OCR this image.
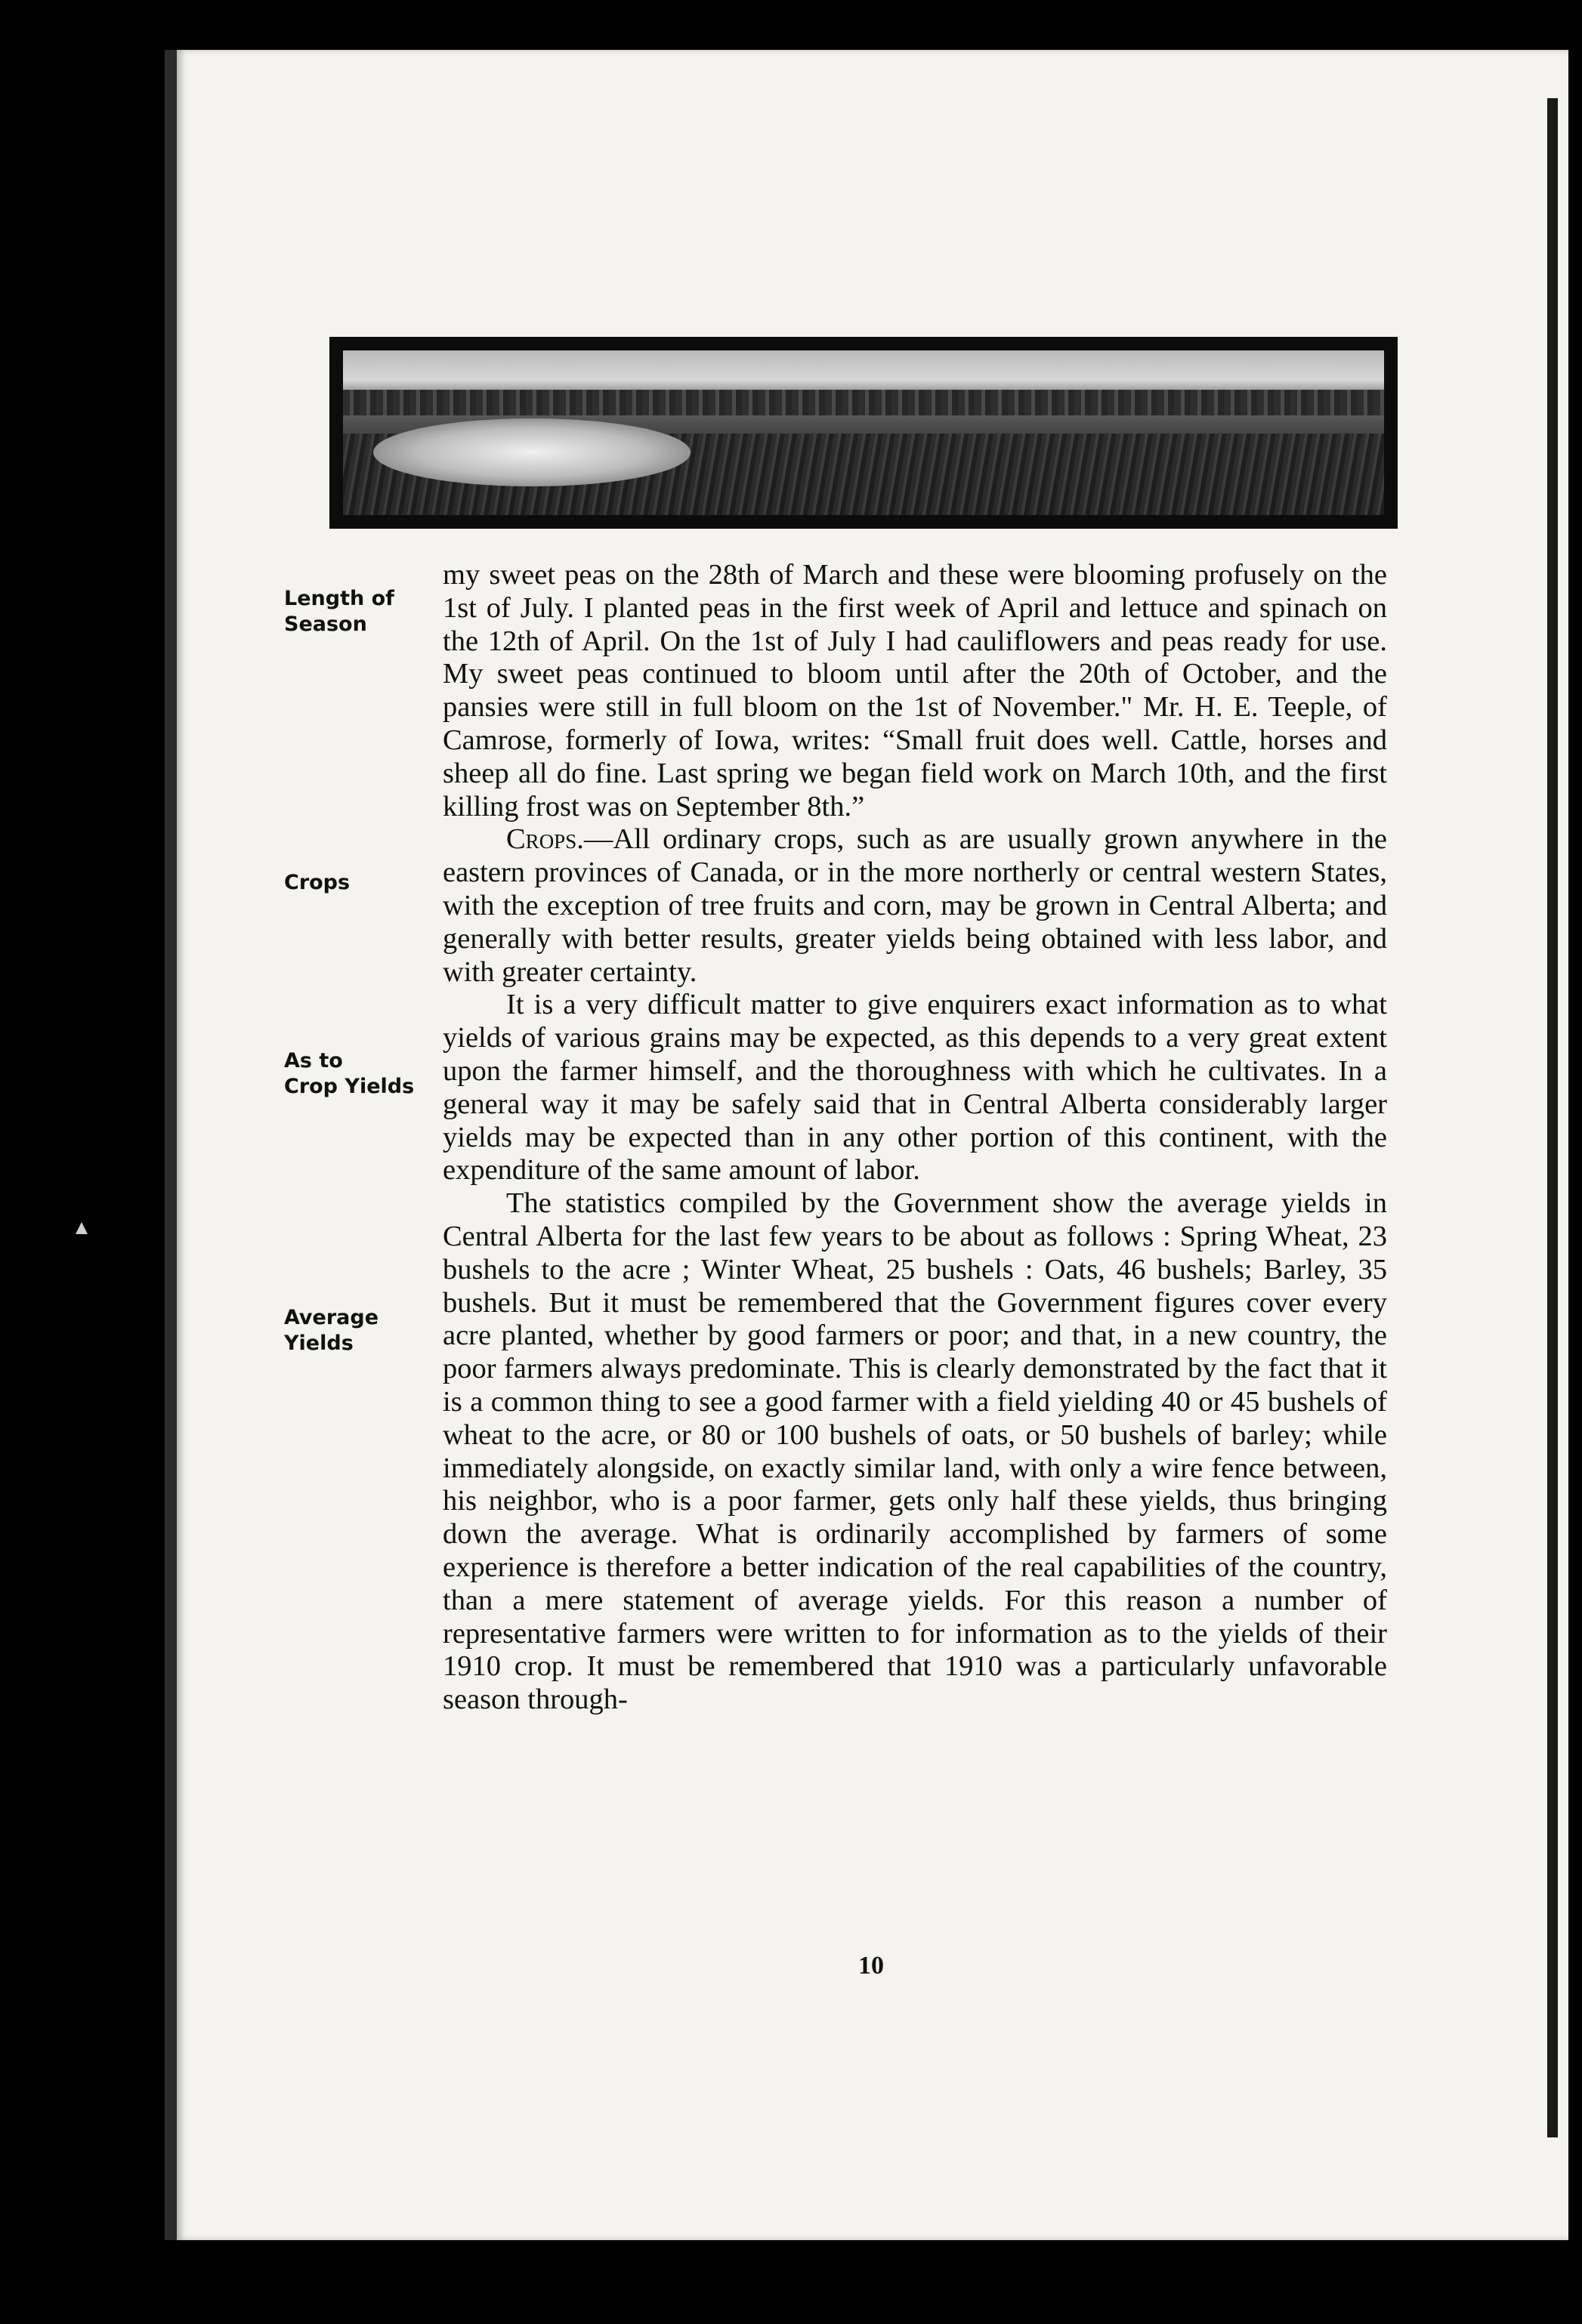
Length of
Season
Crops
As to
Crop Yields
Average
Yields

my sweet peas on the 28th of March and these were blooming profusely on the 1st of July. I planted peas in the first week of April and lettuce and spinach on the 12th of April. On the 1st of July I had cauliflowers and peas ready for use. My sweet peas continued to bloom until after the 20th of October, and the pansies were still in full bloom on the 1st of November." Mr. H. E. Teeple, of Camrose, formerly of Iowa, writes: “Small fruit does well. Cattle, horses and sheep all do fine. Last spring we began field work on March 10th, and the first killing frost was on September 8th.”

Crops.—All ordinary crops, such as are usually grown anywhere in the eastern provinces of Canada, or in the more northerly or central western States, with the exception of tree fruits and corn, may be grown in Central Alberta; and generally with better results, greater yields being obtained with less labor, and with greater certainty.

It is a very difficult matter to give enquirers exact information as to what yields of various grains may be expected, as this depends to a very great extent upon the farmer himself, and the thoroughness with which he cultivates. In a general way it may be safely said that in Central Alberta considerably larger yields may be expected than in any other portion of this continent, with the expenditure of the same amount of labor.

The statistics compiled by the Government show the average yields in Central Alberta for the last few years to be about as follows : Spring Wheat, 23 bushels to the acre ; Winter Wheat, 25 bushels : Oats, 46 bushels; Barley, 35 bushels. But it must be remembered that the Government figures cover every acre planted, whether by good farmers or poor; and that, in a new country, the poor farmers always predominate. This is clearly demonstrated by the fact that it is a common thing to see a good farmer with a field yielding 40 or 45 bushels of wheat to the acre, or 80 or 100 bushels of oats, or 50 bushels of barley; while immediately alongside, on exactly similar land, with only a wire fence between, his neighbor, who is a poor farmer, gets only half these yields, thus bringing down the average. What is ordinarily accomplished by farmers of some experience is therefore a better indication of the real capabilities of the country, than a mere statement of average yields. For this reason a number of representative farmers were written to for information as to the yields of their 1910 crop. It must be remembered that 1910 was a particularly unfavorable season through-

10
